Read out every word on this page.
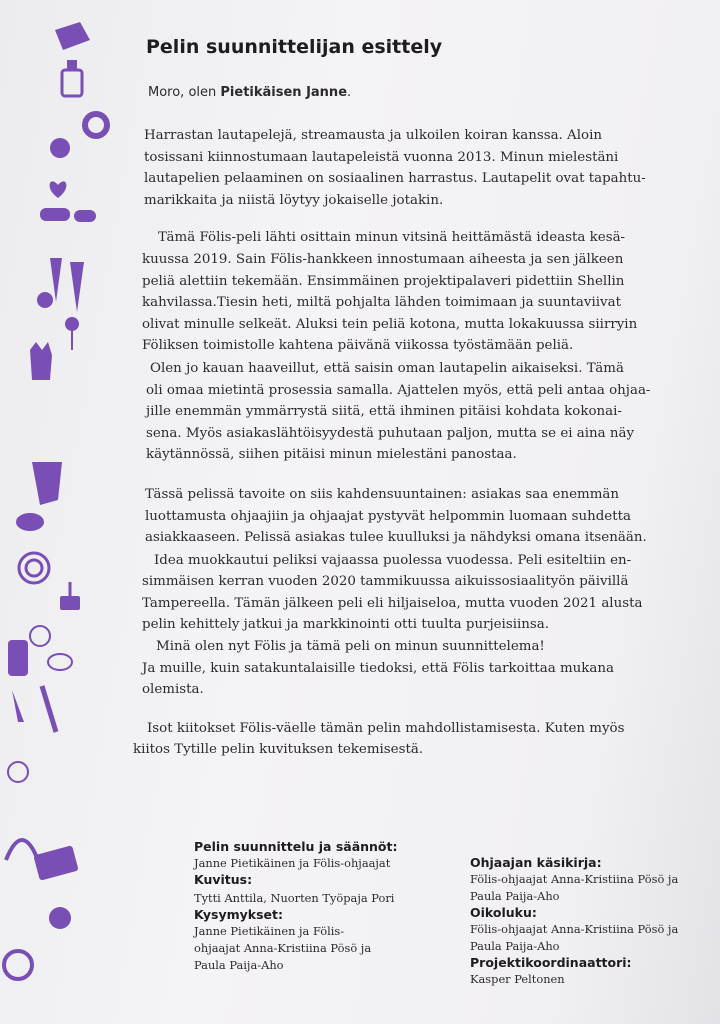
Pelin suunnittelijan esittely
Moro, olen Pietikäisen Janne.

Harrastan lautapelejä, streamausta ja ulkoilen koiran kanssa. Aloin
tosissani kiinnostumaan lautapeleistä vuonna 2013. Minun mielestäni
lautapelien pelaaminen on sosiaalinen harrastus. Lautapelit ovat tapahtu-
marikkaita ja niistä löytyy jokaiselle jotakin.

Tämä Fölis-peli lähti osittain minun vitsinä heittämästä ideasta kesä-
kuussa 2019. Sain Fölis-hankkeen innostumaan aiheesta ja sen jälkeen
peliä alettiin tekemään. Ensimmäinen projektipalaveri pidettiin Shellin
kahvilassa.Tiesin heti, miltä pohjalta lähden toimimaan ja suuntaviivat
olivat minulle selkeät. Aluksi tein peliä kotona, mutta lokakuussa siirryin
Föliksen toimistolle kahtena päivänä viikossa työstämään peliä.

Olen jo kauan haaveillut, että saisin oman lautapelin aikaiseksi. Tämä
oli omaa mietintä prosessia samalla. Ajattelen myös, että peli antaa ohjaa-
jille enemmän ymmärrystä siitä, että ihminen pitäisi kohdata kokonai-
sena. Myös asiakaslähtöisyydestä puhutaan paljon, mutta se ei aina näy
käytännössä, siihen pitäisi minun mielestäni panostaa.

Tässä pelissä tavoite on siis kahdensuuntainen: asiakas saa enemmän
luottamusta ohjaajiin ja ohjaajat pystyvät helpommin luomaan suhdetta
asiakkaaseen. Pelissä asiakas tulee kuulluksi ja nähdyksi omana itsenään.

Idea muokkautui peliksi vajaassa puolessa vuodessa. Peli esiteltiin en-
simmäisen kerran vuoden 2020 tammikuussa aikuissosiaalityön päivillä
Tampereella. Tämän jälkeen peli eli hiljaiseloa, mutta vuoden 2021 alusta
pelin kehittely jatkui ja markkinointi otti tuulta purjeisiinsa.
Minä olen nyt Fölis ja tämä peli on minun suunnittelema!
Ja muille, kuin satakuntalaisille tiedoksi, että Fölis tarkoittaa mukana
olemista.

Isot kiitokset Fölis-väelle tämän pelin mahdollistamisesta. Kuten myös
kiitos Tytille pelin kuvituksen tekemisestä.

Pelin suunnittelu ja säännöt:
Janne Pietikäinen ja Fölis-ohjaajat
Kuvitus:
Tytti Anttila, Nuorten Työpaja Pori
Kysymykset:
Janne Pietikäinen ja Fölis-
ohjaajat Anna-Kristiina Pösö ja
Paula Paija-Aho
Ohjaajan käsikirja:
Fölis-ohjaajat Anna-Kristiina Pösö ja
Paula Paija-Aho
Oikoluku:
Fölis-ohjaajat Anna-Kristiina Pösö ja
Paula Paija-Aho
Projektikoordinaattori:
Kasper Peltonen
